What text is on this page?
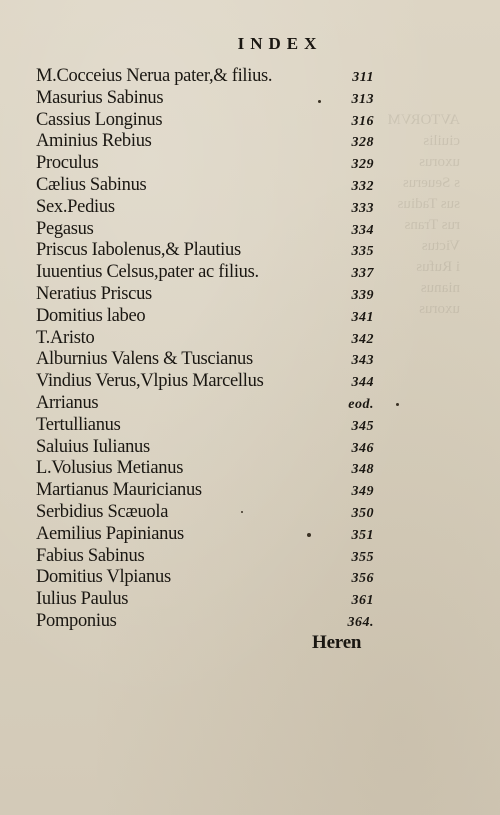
AVTORVM
ciuilis
uxorus
s Seuerus
sus Tadius
rus Trans
Victus
i Rufus
nianus
uxorus
INDEX
M.Cocceius Nerua pater,& filius.	311
Masurius Sabinus	313
Cassius Longinus	316
Aminius Rebius	328
Proculus	329
Cælius Sabinus	332
Sex.Pedius	333
Pegasus	334
Priscus Iabolenus,& Plautius	335
Iuuentius Celsus,pater ac filius.	337
Neratius Priscus	339
Domitius labeo	341
T.Aristo	342
Alburnius Valens & Tuscianus	343
Vindius Verus,Vlpius Marcellus	344
Arrianus	eod.
Tertullianus	345
Saluius Iulianus	346
L.Volusius Metianus	348
Martianus Mauricianus	349
Serbidius Scæuola	350
Aemilius Papinianus	351
Fabius Sabinus	355
Domitius Vlpianus	356
Iulius Paulus	361
Pomponius	364.
Heren
